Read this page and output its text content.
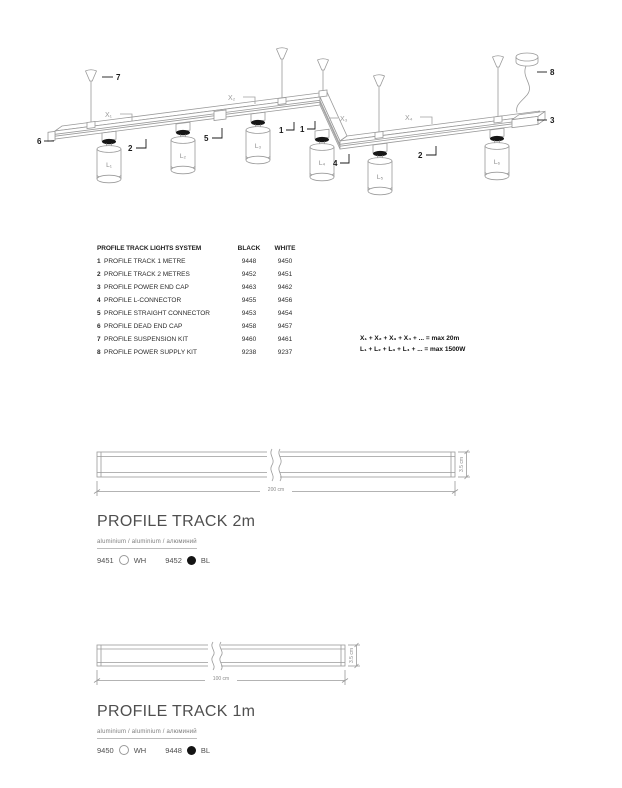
L₁
L₂
L₃
L₄
L₅
L₆
6
7
2
5
1 1
4
2
3
8
X₁
X₂
X₃	X₄
PROFILE TRACK LIGHTS SYSTEM	BLACK	WHITE
1 PROFILE TRACK 1 METRE	9448	9450
2 PROFILE TRACK 2 METRES	9452	9451
3 PROFILE POWER END CAP	9463	9462
4 PROFILE L-CONNECTOR	9455	9456
5 PROFILE STRAIGHT CONNECTOR	9453	9454
6 PROFILE DEAD END CAP	9458	9457
7 PROFILE SUSPENSION KIT	9460	9461
8 PROFILE POWER SUPPLY KIT	9238	9237
X₁ + X₂ + X₃ + X₄ + ... = max 20m
L₁ + L₂ + L₃ + L₄ + ... = max 1500W
200 cm
3.5 cm
PROFILE TRACK 2m
aluminium / aluminium / алюминий
9451	WH	9452	BL
100 cm
3.5 cm
PROFILE TRACK 1m
aluminium / aluminium / алюминий
9450	WH	9448	BL
